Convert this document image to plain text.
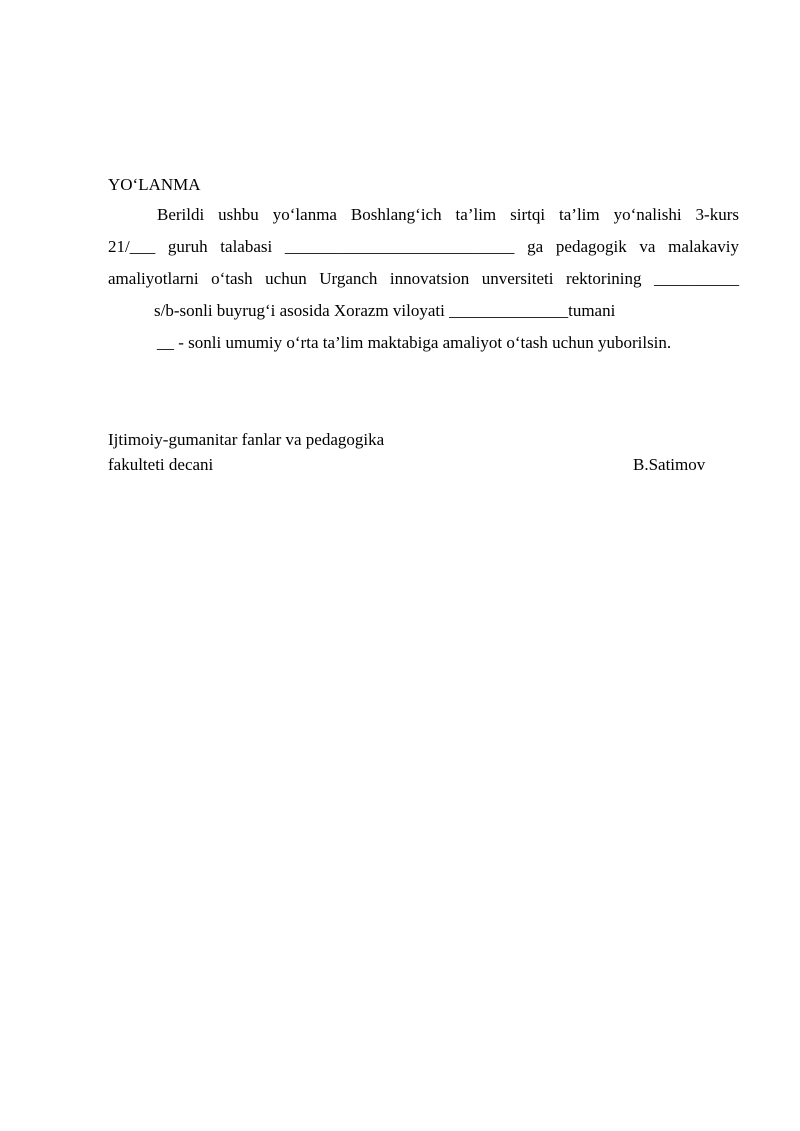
YO‘LANMA
Berildi ushbu yo‘lanma Boshlang‘ich ta’lim sirtqi ta’lim yo‘nalishi 3-kurs
21/___ guruh talabasi ___________________________ ga pedagogik va malakaviy
amaliyotlarni o‘tash uchun Urganch innovatsion unversiteti rektorining __________
s/b-sonli buyrug‘i asosida Xorazm viloyati ______________tumani
__ - sonli umumiy o‘rta ta’lim maktabiga amaliyot o‘tash uchun yuborilsin.
Ijtimoiy-gumanitar fanlar va pedagogika
fakulteti decani	B.Satimov
